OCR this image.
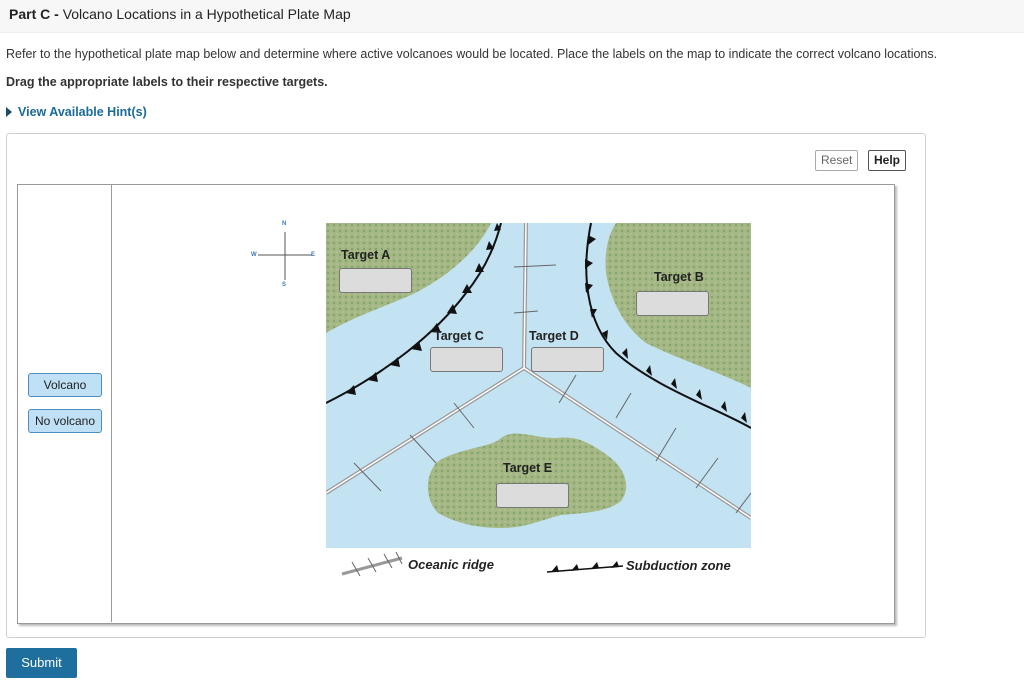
Part C - Volcano Locations in a Hypothetical Plate Map
Refer to the hypothetical plate map below and determine where active volcanoes would be located. Place the labels on the map to indicate the correct volcano locations.
Drag the appropriate labels to their respective targets.
View Available Hint(s)
Reset	Help
Volcano
No volcano
N
S
E
W	Target A
Target B
Target C	Target D
Target E
Oceanic ridge	Subduction zone
Submit
